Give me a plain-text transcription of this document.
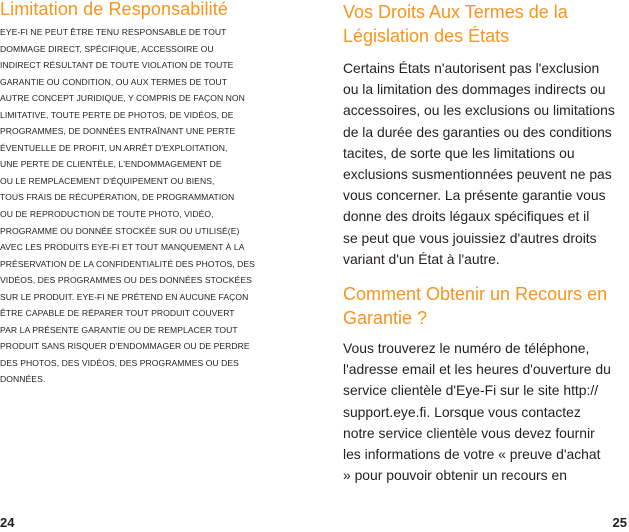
Limitation de Responsabilité
EYE-FI NE PEUT ÊTRE TENU RESPONSABLE DE TOUT
DOMMAGE DIRECT, SPÉCIFIQUE, ACCESSOIRE OU
INDIRECT RÉSULTANT DE TOUTE VIOLATION DE TOUTE
GARANTIE OU CONDITION, OU AUX TERMES DE TOUT
AUTRE CONCEPT JURIDIQUE, Y COMPRIS DE FAÇON NON
LIMITATIVE, TOUTE PERTE DE PHOTOS, DE VIDÉOS, DE
PROGRAMMES, DE DONNÉES ENTRAÎNANT UNE PERTE
ÉVENTUELLE DE PROFIT, UN ARRÊT D'EXPLOITATION,
UNE PERTE DE CLIENTÈLE, L'ENDOMMAGEMENT DE
OU LE REMPLACEMENT D'ÉQUIPEMENT OU BIENS,
TOUS FRAIS DE RÉCUPÉRATION, DE PROGRAMMATION
OU DE REPRODUCTION DE TOUTE PHOTO, VIDÉO,
PROGRAMME OU DONNÉE STOCKÉE SUR OU UTILISÉ(E)
AVEC LES PRODUITS EYE-FI ET TOUT MANQUEMENT À LA
PRÉSERVATION DE LA CONFIDENTIALITÉ DES PHOTOS, DES
VIDÉOS, DES PROGRAMMES OU DES DONNÉES STOCKÉES
SUR LE PRODUIT. EYE-FI NE PRÉTEND EN AUCUNE FAÇON
ÊTRE CAPABLE DE RÉPARER TOUT PRODUIT COUVERT
PAR LA PRÉSENTE GARANTIE OU DE REMPLACER TOUT
PRODUIT SANS RISQUER D'ENDOMMAGER OU DE PERDRE
DES PHOTOS, DES VIDÉOS, DES PROGRAMMES OU DES
DONNÉES.
Vos Droits Aux Termes de la
Législation des États

Certains États n'autorisent pas l'exclusion
ou la limitation des dommages indirects ou
accessoires, ou les exclusions ou limitations
de la durée des garanties ou des conditions
tacites, de sorte que les limitations ou
exclusions susmentionnées peuvent ne pas
vous concerner. La présente garantie vous
donne des droits légaux spécifiques et il
se peut que vous jouissiez d'autres droits
variant d'un État à l'autre.

Comment Obtenir un Recours en
Garantie ?

Vous trouverez le numéro de téléphone,
l'adresse email et les heures d'ouverture du
service clientèle d'Eye-Fi sur le site http://
support.eye.fi. Lorsque vous contactez
notre service clientèle vous devez fournir
les informations de votre « preuve d'achat
» pour pouvoir obtenir un recours en

24	25
